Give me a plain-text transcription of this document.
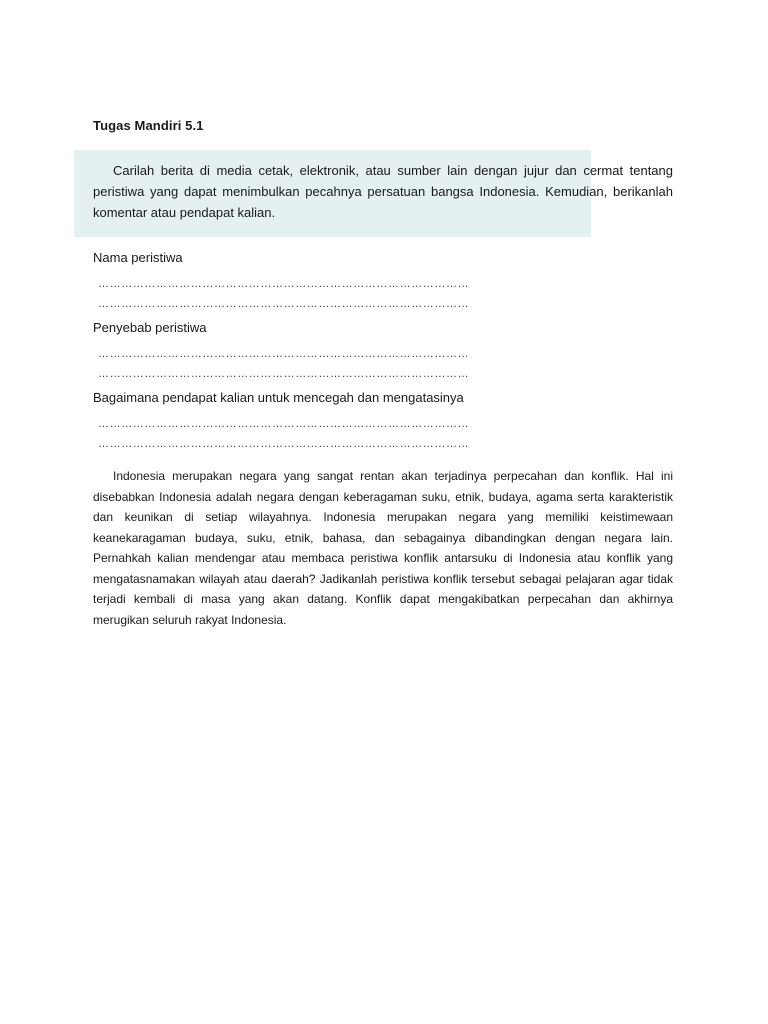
Tugas Mandiri 5.1

Carilah berita di media cetak, elektronik, atau sumber lain dengan jujur dan cermat tentang peristiwa yang dapat menimbulkan pecahnya persatuan bangsa Indonesia. Kemudian, berikanlah komentar atau pendapat kalian.

Nama peristiwa

……………………………………………………………………………………

……………………………………………………………………………………

Penyebab peristiwa

……………………………………………………………………………………

……………………………………………………………………………………

Bagaimana pendapat kalian untuk mencegah dan mengatasinya

……………………………………………………………………………………

……………………………………………………………………………………

Indonesia merupakan negara yang sangat rentan akan terjadinya perpecahan dan konflik. Hal ini disebabkan Indonesia adalah negara dengan keberagaman suku, etnik, budaya, agama serta karakteristik dan keunikan di setiap wilayahnya. Indonesia merupakan negara yang memiliki keistimewaan keanekaragaman budaya, suku, etnik, bahasa, dan sebagainya dibandingkan dengan negara lain. Pernahkah kalian mendengar atau membaca peristiwa konflik antarsuku di Indonesia atau konflik yang mengatasnamakan wilayah atau daerah? Jadikanlah peristiwa konflik tersebut sebagai pelajaran agar tidak terjadi kembali di masa yang akan datang. Konflik dapat mengakibatkan perpecahan dan akhirnya merugikan seluruh rakyat Indonesia.
